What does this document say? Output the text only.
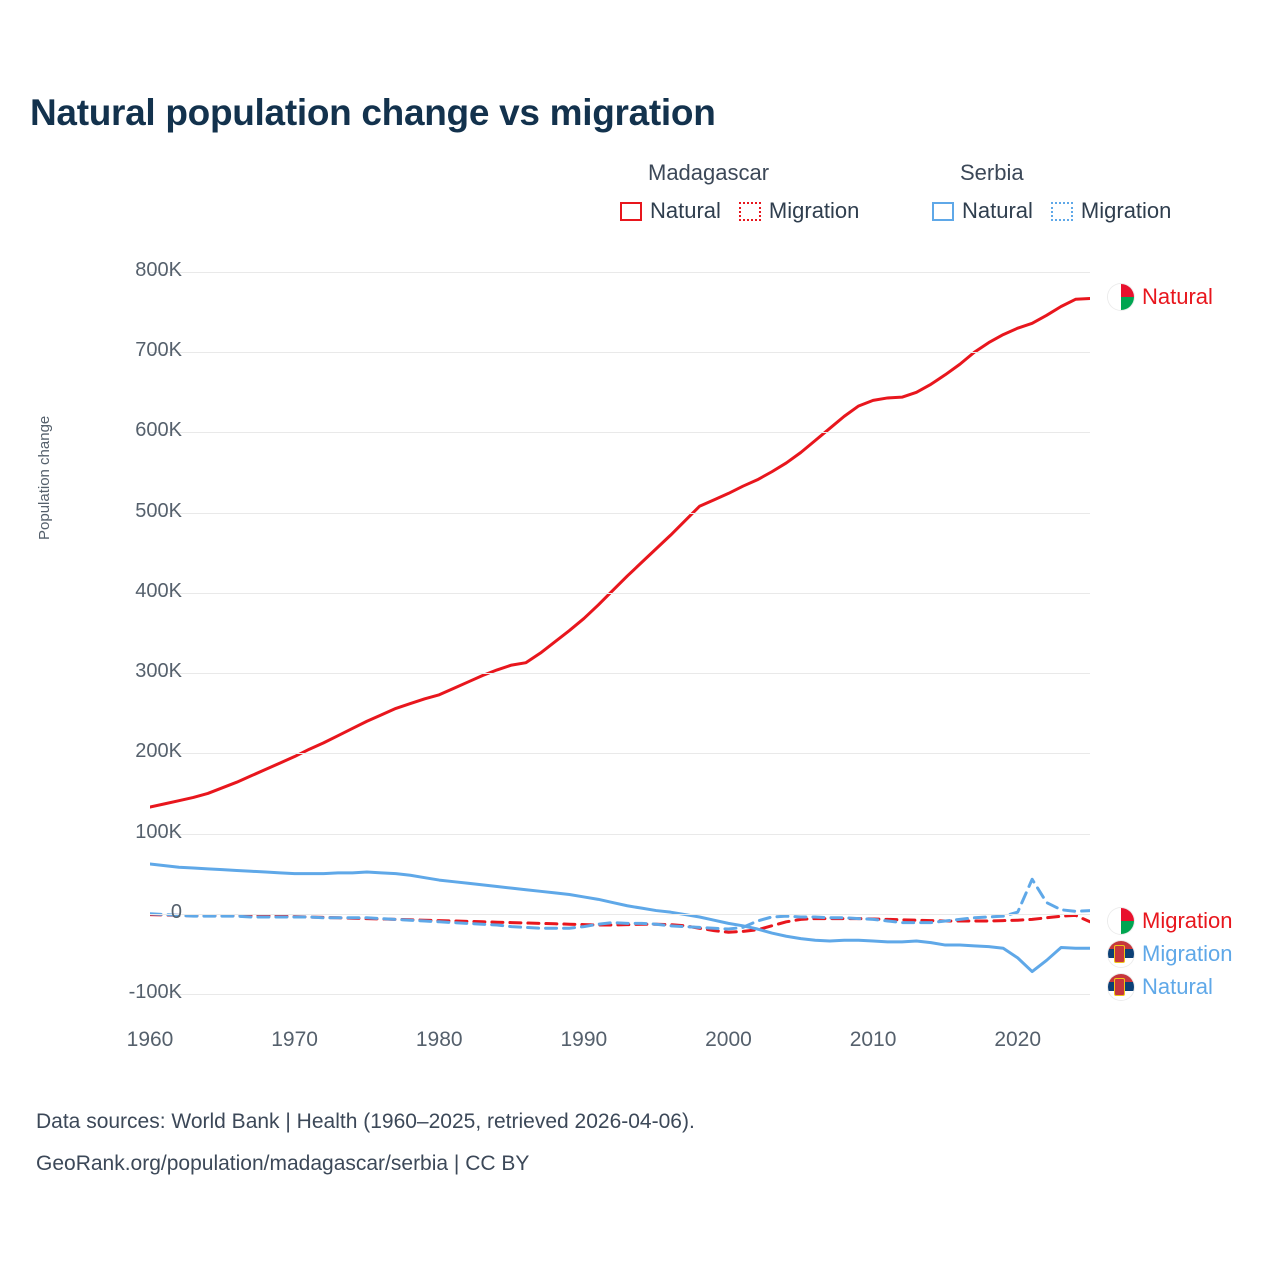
Natural population change vs migration
Madagascar
Natural Migration
Serbia
Natural Migration
Population change
Data sources: World Bank | Health (1960–2025, retrieved 2026-04-06).
GeoRank.org/population/madagascar/serbia | CC BY
-100K
0
100K
200K
300K
400K
500K
600K
700K
800K
1960	1970	1980	1990	2000	2010	2020
Natural
Migration
Migration
Natural
